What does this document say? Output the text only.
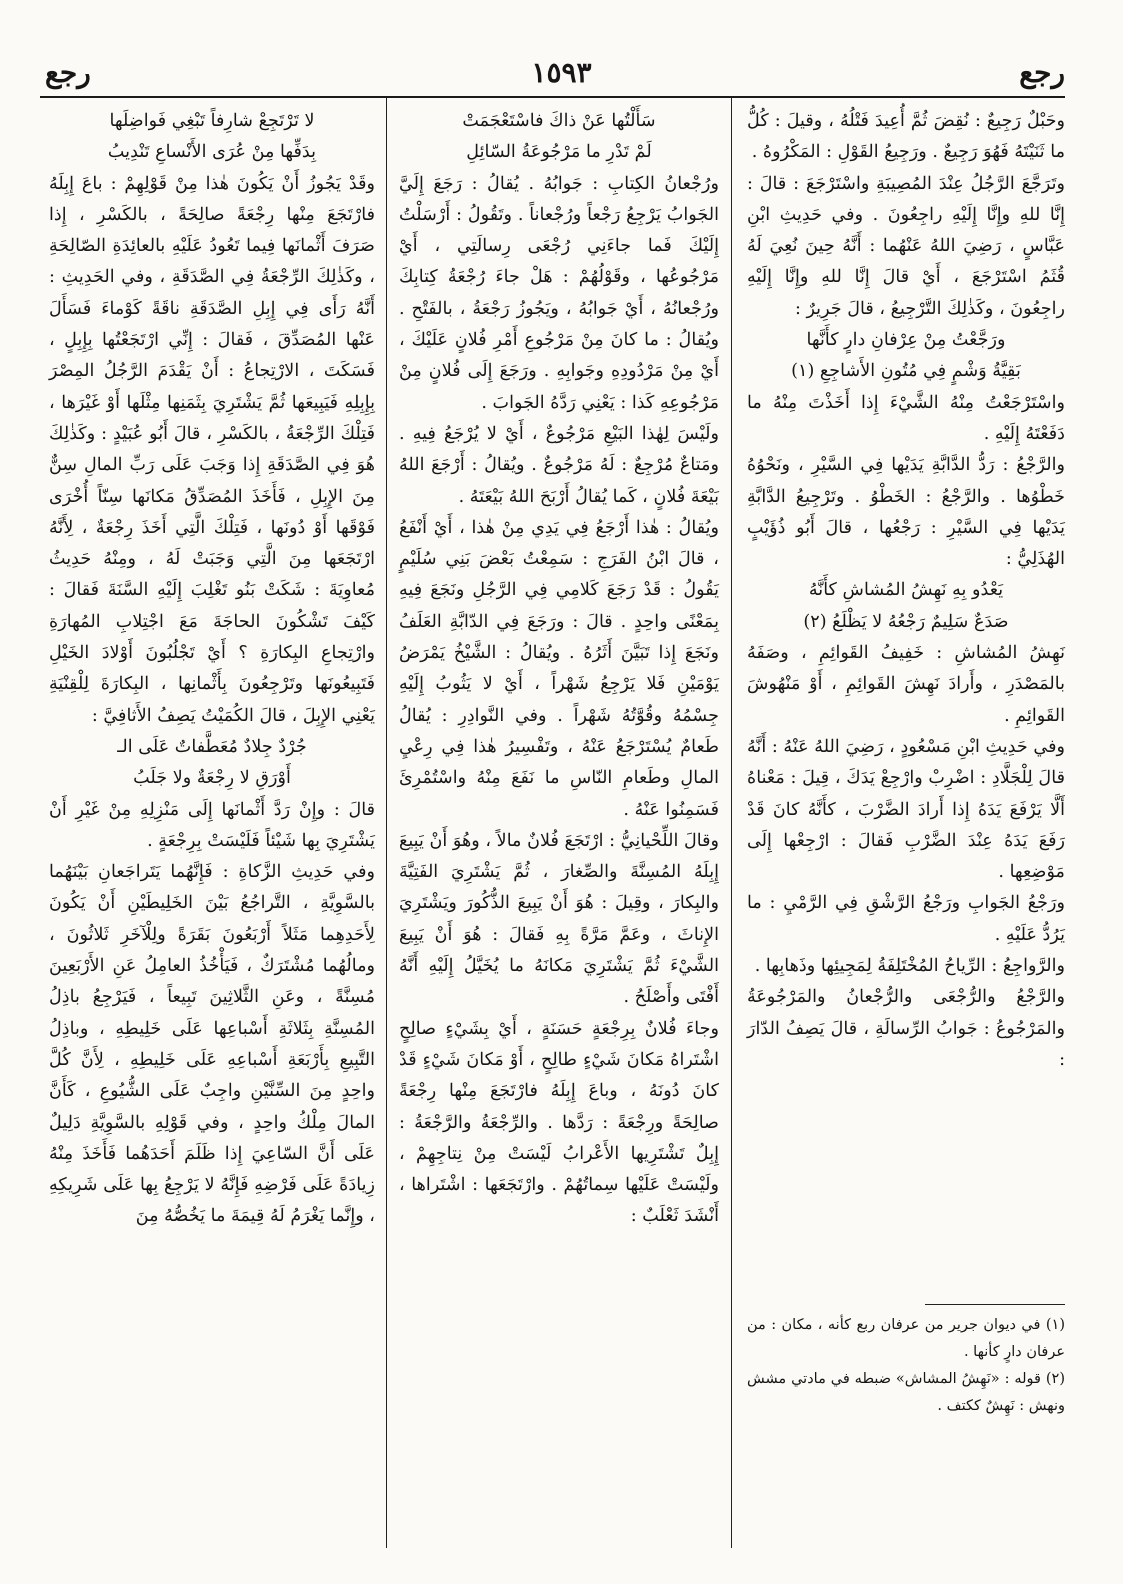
رجع
١٥٩٣
رجع

وحَبْلٌ رَجِيعٌ : نُقِضَ ثُمَّ أُعِيدَ فَتْلُهُ ، وقيلَ : كُلُّ ما ثَنَيْتَهُ فَهُوَ رَجِيعٌ . ورَجِيعُ القَوْلِ : المَكْرُوهُ .

وتَرَجَّعَ الرَّجُلُ عِنْدَ المُصِيبَةِ واسْتَرْجَعَ : قالَ : إِنَّا للهِ وإِنَّا إِلَيْهِ راجِعُونَ . وفي حَدِيثِ ابْنِ عَبَّاسٍ ، رَضِيَ اللهُ عَنْهُما : أَنَّهُ حِينَ نُعِيَ لَهُ قُثَمُ اسْتَرْجَعَ ، أَيْ قالَ إِنَّا للهِ وإِنَّا إِلَيْهِ راجِعُونَ ، وكَذٰلِكَ التَّرْجِيعُ ، قالَ جَرِيرٌ :

ورَجَّعْتُ مِنْ عِرْفانِ دارٍ كأَنَّها

بَقِيَّةُ وَشْمٍ فِي مُتُونِ الأَشاجِعِ (١)

واسْتَرْجَعْتُ مِنْهُ الشَّيْءَ إِذا أَخَذْتَ مِنْهُ ما دَفَعْتَهُ إِلَيْهِ .

والرَّجْعُ : رَدُّ الدَّابَّةِ يَدَيْها فِي السَّيْرِ ، ونَحْوُهُ خَطْوُها . والرَّجْعُ : الخَطْوُ . وتَرْجِيعُ الدَّابَّةِ يَدَيْها فِي السَّيْرِ : رَجْعُها ، قالَ أَبُو ذُؤَيْبٍ الهُذَلِيُّ :

يَعْدُو بِهِ نَهِشُ المُشاشِ كأَنَّهُ

صَدَعٌ سَلِيمٌ رَجْعُهُ لا يَظْلَعُ (٢)

نَهِشُ المُشاشِ : خَفِيفُ القَوائِمِ ، وصَفَهُ بالمَصْدَرِ ، وأَرادَ نَهِشَ القَوائِمِ ، أَوْ مَنْهُوشَ القَوائِمِ .

وفي حَدِيثِ ابْنِ مَسْعُودٍ ، رَضِيَ اللهُ عَنْهُ : أَنَّهُ قالَ لِلْجَلَّادِ : اضْرِبْ وارْجِعْ يَدَكَ ، قِيلَ : مَعْناهُ أَلَّا يَرْفَعَ يَدَهُ إِذا أَرادَ الضَّرْبَ ، كأَنَّهُ كانَ قَدْ رَفَعَ يَدَهُ عِنْدَ الضَّرْبِ فَقالَ : ارْجِعْها إِلَى مَوْضِعِها .

ورَجْعُ الجَوابِ ورَجْعُ الرَّشْقِ فِي الرَّمْيِ : ما يَرُدُّ عَلَيْهِ .

والرَّواجِعُ : الرِّياحُ المُخْتَلِفَةُ لِمَجِيئِها وذَهابِها .

والرَّجْعُ والرُّجْعَى والرُّجْعانُ والمَرْجُوعَةُ والمَرْجُوعُ : جَوابُ الرِّسالَةِ ، قالَ يَصِفُ الدّارَ :

سَأَلْتُها عَنْ ذاكَ فاسْتَعْجَمَتْ

لَمْ تَدْرِ ما مَرْجُوعَةُ السّائِلِ

ورُجْعانُ الكِتابِ : جَوابُهُ . يُقالُ : رَجَعَ إِلَيَّ الجَوابُ يَرْجِعُ رَجْعاً ورُجْعاناً . وتَقُولُ : أَرْسَلْتُ إِلَيْكَ فَما جاءَنِي رُجْعَى رِسالَتِي ، أَيْ مَرْجُوعُها ، وقَوْلُهُمْ : هَلْ جاءَ رُجْعَةُ كِتابِكَ ورُجْعانُهُ ، أَيْ جَوابُهُ ، ويَجُوزُ رَجْعَةُ ، بالفَتْحِ . ويُقالُ : ما كانَ مِنْ مَرْجُوعِ أَمْرِ فُلانٍ عَلَيْكَ ، أَيْ مِنْ مَرْدُودِهِ وجَوابِهِ . ورَجَعَ إِلَى فُلانٍ مِنْ مَرْجُوعِهِ كَذا : يَعْنِي رَدَّهُ الجَوابَ .

ولَيْسَ لِهٰذا البَيْعِ مَرْجُوعٌ ، أَيْ لا يُرْجَعُ فِيهِ . ومَتاعٌ مُرْجِعٌ : لَهُ مَرْجُوعٌ . ويُقالُ : أَرْجَعَ اللهُ بَيْعَةَ فُلانٍ ، كَما يُقالُ أَرْبَحَ اللهُ بَيْعَتَهُ .

ويُقالُ : هٰذا أَرْجَعُ فِي يَدِي مِنْ هٰذا ، أَيْ أَنْفَعُ ، قالَ ابْنُ الفَرَجِ : سَمِعْتُ بَعْضَ بَنِي سُلَيْمٍ يَقُولُ : قَدْ رَجَعَ كَلامِي فِي الرَّجُلِ ونَجَعَ فِيهِ بِمَعْنًى واحِدٍ . قالَ : ورَجَعَ فِي الدّابَّةِ العَلَفُ ونَجَعَ إِذا تَبَيَّنَ أَثَرُهُ . ويُقالُ : الشَّيْخُ يَمْرَضُ يَوْمَيْنِ فَلا يَرْجِعُ شَهْراً ، أَيْ لا يَثُوبُ إِلَيْهِ جِسْمُهُ وقُوَّتُهُ شَهْراً . وفي النَّوادِرِ : يُقالُ طَعامٌ يُسْتَرْجَعُ عَنْهُ ، وتَفْسِيرُ هٰذا فِي رِعْيِ المالِ وطَعامِ النّاسِ ما نَفَعَ مِنْهُ واسْتُمْرِئَ فَسَمِنُوا عَنْهُ .

وقالَ اللِّحْيانِيُّ : ارْتَجَعَ فُلانٌ مالاً ، وهُوَ أَنْ يَبِيعَ إِبِلَهُ المُسِنَّةَ والصِّغارَ ، ثُمَّ يَشْتَرِيَ الفَتِيَّةَ والبِكارَ ، وقِيلَ : هُوَ أَنْ يَبِيعَ الذُّكُورَ ويَشْتَرِيَ الإِناثَ ، وعَمَّ مَرَّةً بِهِ فَقالَ : هُوَ أَنْ يَبِيعَ الشَّيْءَ ثُمَّ يَشْتَرِيَ مَكانَهُ ما يُخَيَّلُ إِلَيْهِ أَنَّهُ أَفْتَى وأَصْلَحُ .

وجاءَ فُلانٌ بِرِجْعَةٍ حَسَنَةٍ ، أَيْ بِشَيْءٍ صالِحٍ اشْتَراهُ مَكانَ شَيْءٍ طالِحٍ ، أَوْ مَكانَ شَيْءٍ قَدْ كانَ دُونَهُ ، وباعَ إِبِلَهُ فارْتَجَعَ مِنْها رِجْعَةً صالِحَةً ورِجْعَةً : رَدَّها . والرِّجْعَةُ والرَّجْعَةُ : إِبِلٌ تَشْتَرِيها الأَعْرابُ لَيْسَتْ مِنْ نِتاجِهِمْ ، ولَيْسَتْ عَلَيْها سِماتُهُمْ . وارْتَجَعَها : اشْتَراها ، أَنْشَدَ ثَعْلَبٌ :

لا تَرْتَجِعْ شارِفاً تَبْغِي فَواضِلَها

بِدَفِّها مِنْ عُرَى الأَنْساعِ تَنْدِيبُ

وقَدْ يَجُوزُ أَنْ يَكُونَ هٰذا مِنْ قَوْلِهِمْ : باعَ إِبِلَهُ فارْتَجَعَ مِنْها رِجْعَةً صالِحَةً ، بالكَسْرِ ، إِذا صَرَفَ أَثْمانَها فِيما تَعُودُ عَلَيْهِ بالعائِدَةِ الصّالِحَةِ ، وكَذٰلِكَ الرِّجْعَةُ فِي الصَّدَقَةِ ، وفي الحَدِيثِ : أَنَّهُ رَأَى فِي إِبِلِ الصَّدَقَةِ ناقَةً كَوْماءَ فَسَأَلَ عَنْها المُصَدِّقَ ، فَقالَ : إِنِّي ارْتَجَعْتُها بِإِبِلٍ ، فَسَكَتَ ، الارْتِجاعُ : أَنْ يَقْدَمَ الرَّجُلُ المِصْرَ بِإِبِلِهِ فَيَبِيعَها ثُمَّ يَشْتَرِيَ بِثَمَنِها مِثْلَها أَوْ غَيْرَها ، فَتِلْكَ الرِّجْعَةُ ، بالكَسْرِ ، قالَ أَبُو عُبَيْدٍ : وكَذٰلِكَ هُوَ فِي الصَّدَقَةِ إِذا وَجَبَ عَلَى رَبِّ المالِ سِنٌّ مِنَ الإِبِلِ ، فَأَخَذَ المُصَدِّقُ مَكانَها سِنّاً أُخْرَى فَوْقَها أَوْ دُونَها ، فَتِلْكَ الَّتِي أَخَذَ رِجْعَةٌ ، لِأَنَّهُ ارْتَجَعَها مِنَ الَّتِي وَجَبَتْ لَهُ ، ومِنْهُ حَدِيثُ مُعاوِيَةَ : شَكَتْ بَنُو تَغْلِبَ إِلَيْهِ السَّنَةَ فَقالَ : كَيْفَ تَشْكُونَ الحاجَةَ مَعَ اجْتِلابِ المُهارَةِ وارْتِجاعِ البِكارَةِ ؟ أَيْ تَجْلُبُونَ أَوْلادَ الخَيْلِ فَتَبِيعُونَها وتَرْجِعُونَ بِأَثْمانِها ، البِكارَةَ لِلْقِنْيَةِ يَعْنِي الإِبِلَ ، قالَ الكُمَيْتُ يَصِفُ الأَثافِيَّ :

جُرْدٌ جِلادٌ مُعَطَّفاتٌ عَلَى الـ

أَوْرَقِ لا رِجْعَةٌ ولا جَلَبُ

قالَ : وإِنْ رَدَّ أَثْمانَها إِلَى مَنْزِلِهِ مِنْ غَيْرِ أَنْ يَشْتَرِيَ بِها شَيْئاً فَلَيْسَتْ بِرِجْعَةٍ .

وفي حَدِيثِ الزَّكاةِ : فَإِنَّهُما يَتَراجَعانِ بَيْنَهُما بالسَّوِيَّةِ ، التَّراجُعُ بَيْنَ الخَلِيطَيْنِ أَنْ يَكُونَ لِأَحَدِهِما مَثَلاً أَرْبَعُونَ بَقَرَةً ولِلْآخَرِ ثَلاثُونَ ، ومالُهُما مُشْتَرَكٌ ، فَيَأْخُذُ العامِلُ عَنِ الأَرْبَعِينَ مُسِنَّةً ، وعَنِ الثَّلاثِينَ تَبِيعاً ، فَيَرْجِعُ باذِلُ المُسِنَّةِ بِثَلاثَةِ أَسْباعِها عَلَى خَلِيطِهِ ، وباذِلُ التَّبِيعِ بِأَرْبَعَةِ أَسْباعِهِ عَلَى خَلِيطِهِ ، لِأَنَّ كُلَّ واحِدٍ مِنَ السِّنَّيْنِ واجِبٌ عَلَى الشُّيُوعِ ، كَأَنَّ المالَ مِلْكُ واحِدٍ ، وفي قَوْلِهِ بالسَّوِيَّةِ دَلِيلٌ عَلَى أَنَّ السّاعِيَ إِذا ظَلَمَ أَحَدَهُما فَأَخَذَ مِنْهُ زِيادَةً عَلَى فَرْضِهِ فَإِنَّهُ لا يَرْجِعُ بِها عَلَى شَرِيكِهِ ، وإِنَّما يَغْرَمُ لَهُ قِيمَةَ ما يَخُصُّهُ مِنَ

(١) في ديوان جرير من عرفان ربع كأنه ، مكان : من عرفان دارٍ كأنها .

(٢) قوله : «نَهِشُ المشاش» ضبطه في مادتي مشش ونهش : نَهِشٌ ككتف .
